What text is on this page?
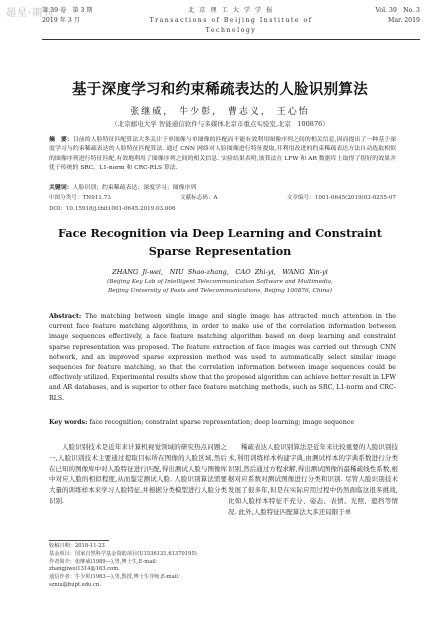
超星·期刊
第 39 卷　第 3 期	北 京 理 工 大 学 学 报	Vol. 39　No. 3
2019 年 3 月	Transactions of Beijing Institute of Technology
Mar. 2019
基于深度学习和约束稀疏表达的人脸识别算法
张继威， 牛少彰， 曹志义， 王心怡
（北京邮电大学 智能通信软件与多媒体北京市重点实验室,北京　100876）
摘　要：目前的人脸特征匹配算法大多关注于单图像与单图像的匹配而不能有效利用图像序列之间的相关信息,因而提出了一种基于深度学习与约束稀疏表达的人脸特征匹配算法. 通过 CNN 网络对人脸图像进行特征提取,并利用改进的约束稀疏表达方法自动选取相似的图像序列进行特征匹配,有效地利用了图像序列之间的相关信息. 实验结果表明,该算法在 LFW 和 AR 数据库上取得了很好的效果并优于传统的 SRC、L1-norm 和 CRC-RLS 算法.
关键词：人脸识别；约束稀疏表达；深度学习；图像序列
中图分类号：TN911.73	文献标志码：A	文章编号：1001-0645(2019)03-0255-07
DOI：10.15918/j.tbit1001-0645.2019.03.006
Face Recognition via Deep Learning and Constraint
Sparse Representation
ZHANG Ji-wei,　NIU Shao-zhang,　CAO Zhi-yi,　WANG Xin-yi
(Beijing Key Lab of Intelligent Telecommunication Software and Multimedia,
Beijing University of Posts and Telecommunications, Beijing 100876, China)
Abstract: The matching between single image and single image has attracted much attention in the current face feature matching algorithms, in order to make use of the correlation information between image sequences effectively, a face feature matching algorithm based on deep learning and constraint sparse representation was proposed. The feature extraction of face images was carried out through CNN network, and an improved sparse expression method was used to automatically select similar image sequences for feature matching, so that the correlation information between image sequences could be effectively utilized. Experimental results show that the proposed algorithm can achieve better result in LFW and AR databases, and is superior to other face feature matching methods, such as SRC, L1-norm and CRC-RLS.
Key words: face recognition; constraint sparse representation; deep learning; image sequence

人脸识别技术是近年来计算机视觉领域的研究热点问题之一,人脸识别技术主要通过提取目标所在图像的人脸区域,然后在已知的图像库中对人脸特征进行匹配,得出测试人脸与图像库中对应人脸的相似程度,从而鉴定测试人脸. 人脸识别算法需要大量的训练样本来学习人脸特征,并根据分类模型进行人脸分类识别.

稀疏表达人脸识别算法是近年来比较重要的人脸识别技术,利用训练样本构建字典,由测试样本的字典系数进行分类识别,然后通过方程求解,得出测试图像的最稀疏线性系数,根据对应系数对测试图像进行分类和识别. 尽管人脸识别技术发展了很多年,但是在实际应用过程中仍然面临这很多挑战,比如人脸样本特征不充分、姿态、表情、光照、遮挡等情况. 此外,人脸特征匹配算法大多还局限于单

收稿日期：2018-11-23
基金项目：国家自然科学基金资助项目(U1536121,61370195)
作者简介：张继威(1989—),男,博士生,E-mail：zhangjiwei1314@163.com.
通信作者：牛少彰(1963—),男,教授,博士生导师,E-mail：szniu@bupt.edu.cn.
